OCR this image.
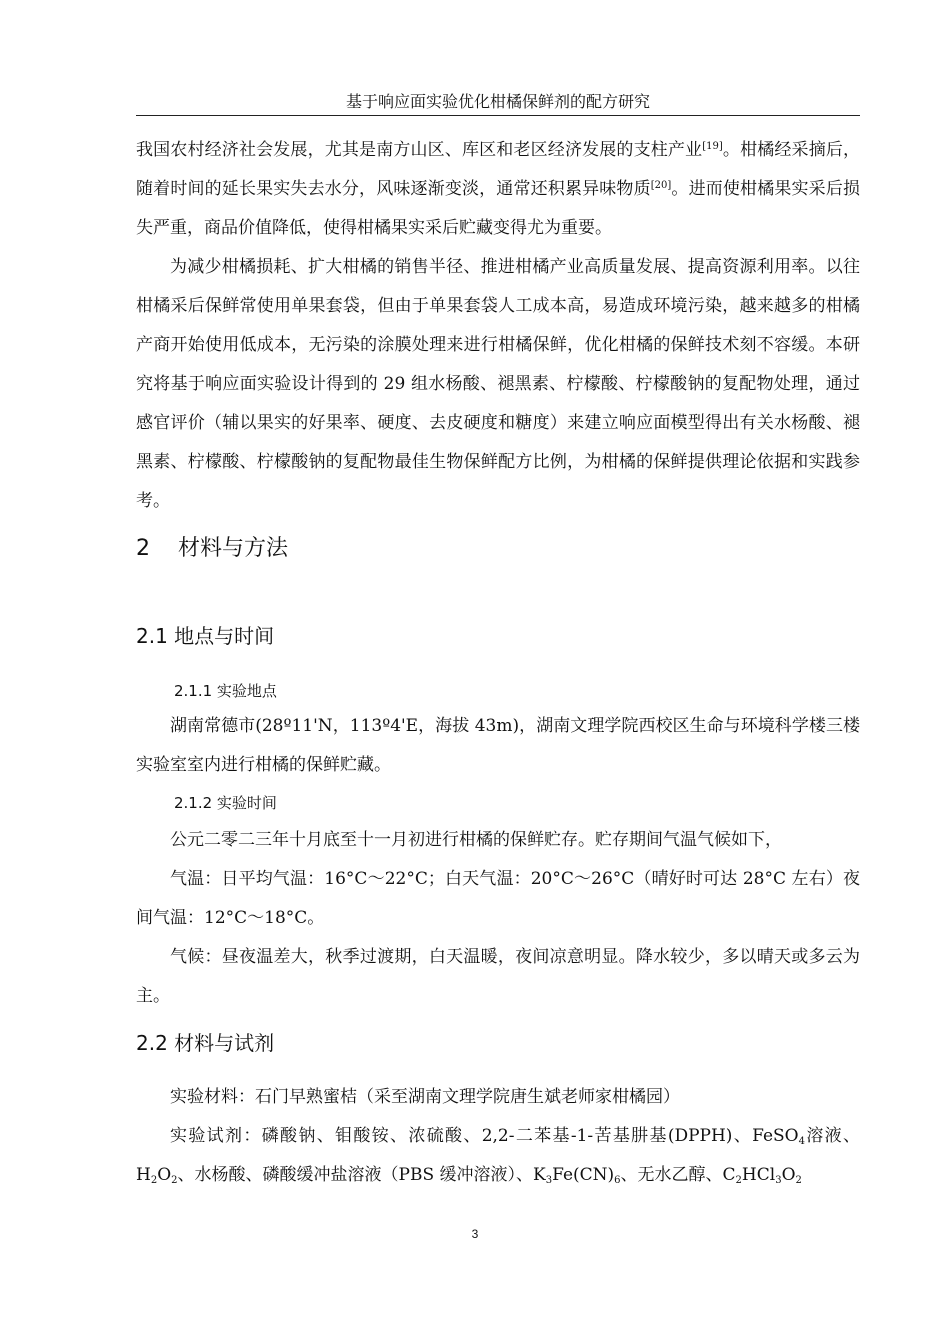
基于响应面实验优化柑橘保鲜剂的配方研究

我国农村经济社会发展，尤其是南方山区、库区和老区经济发展的支柱产业[19]。柑橘经采摘后，随着时间的延长果实失去水分，风味逐渐变淡，通常还积累异味物质[20]。进而使柑橘果实采后损失严重，商品价值降低，使得柑橘果实采后贮藏变得尤为重要。

为减少柑橘损耗、扩大柑橘的销售半径、推进柑橘产业高质量发展、提高资源利用率。以往柑橘采后保鲜常使用单果套袋，但由于单果套袋人工成本高，易造成环境污染，越来越多的柑橘产商开始使用低成本，无污染的涂膜处理来进行柑橘保鲜，优化柑橘的保鲜技术刻不容缓。本研究将基于响应面实验设计得到的 29 组水杨酸、褪黑素、柠檬酸、柠檬酸钠的复配物处理，通过感官评价（辅以果实的好果率、硬度、去皮硬度和糖度）来建立响应面模型得出有关水杨酸、褪黑素、柠檬酸、柠檬酸钠的复配物最佳生物保鲜配方比例，为柑橘的保鲜提供理论依据和实践参考。

2 材料与方法
2.1 地点与时间
2.1.1 实验地点

湖南常德市(28º11'N，113º4'E，海拔 43m)，湖南文理学院西校区生命与环境科学楼三楼实验室室内进行柑橘的保鲜贮藏。

2.1.2 实验时间

公元二零二三年十月底至十一月初进行柑橘的保鲜贮存。贮存期间气温气候如下，

气温：日平均气温：16°C～22°C；白天气温：20°C～26°C（晴好时可达 28°C 左右）夜间气温：12°C～18°C。

气候：昼夜温差大，秋季过渡期，白天温暖，夜间凉意明显。降水较少，多以晴天或多云为主。

2.2 材料与试剂

实验材料：石门早熟蜜桔（采至湖南文理学院唐生斌老师家柑橘园）

实验试剂：磷酸钠、钼酸铵、浓硫酸、2,2-二苯基-1-苦基肼基(DPPH)、FeSO$_4$溶液、$H_2O_2$、水杨酸、磷酸缓冲盐溶液（PBS 缓冲溶液）、$K_3Fe(CN)_6$、无水乙醇、$C_2HCl_3O_2$

3
